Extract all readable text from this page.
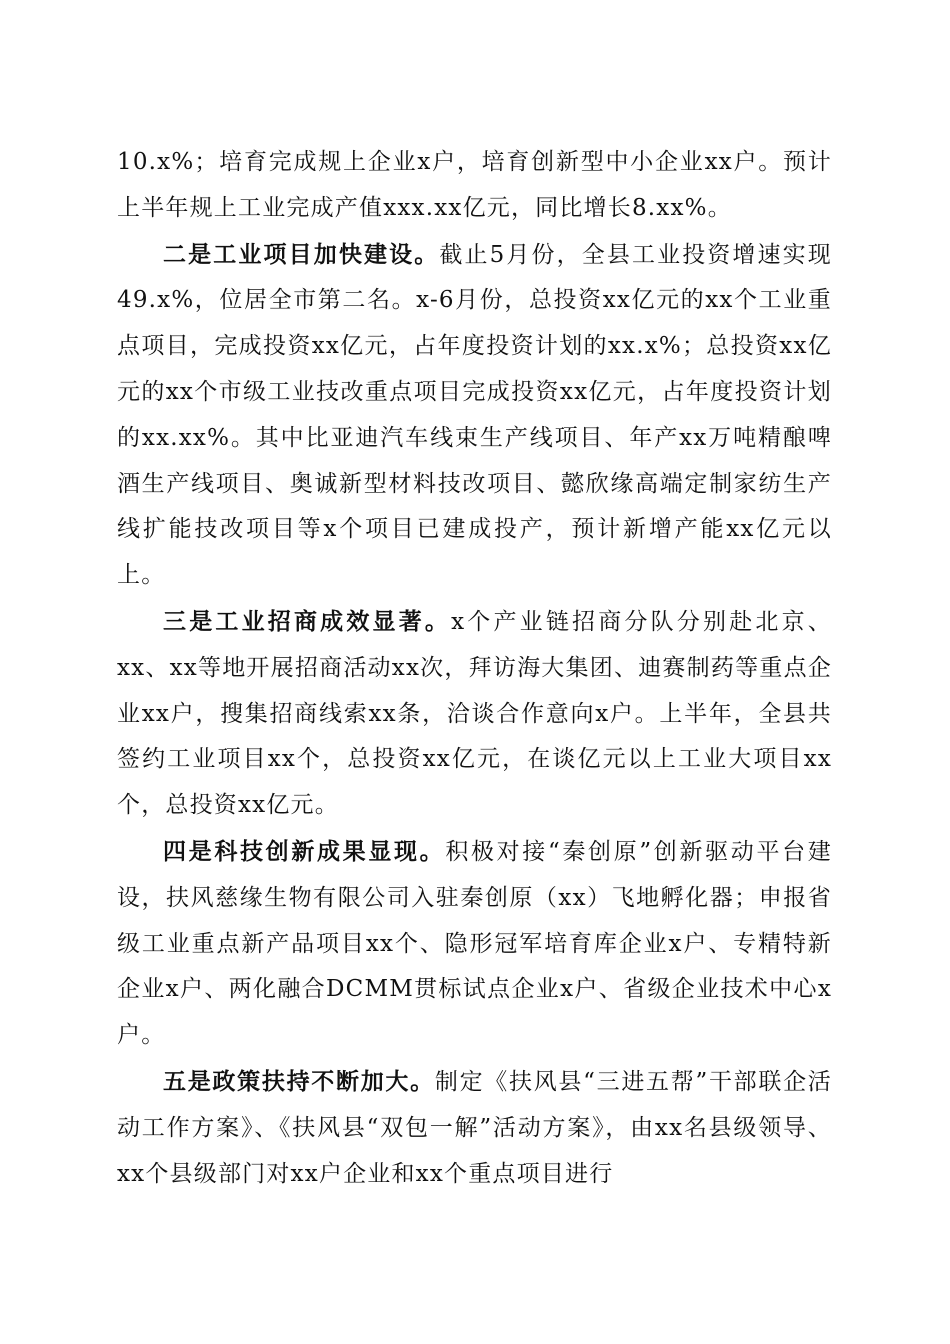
10.x%；培育完成规上企业x户，培育创新型中小企业xx户。预计上半年规上工业完成产值xxx.xx亿元，同比增长8.xx%。

二是工业项目加快建设。截止5月份，全县工业投资增速实现49.x%，位居全市第二名。x-6月份，总投资xx亿元的xx个工业重点项目，完成投资xx亿元，占年度投资计划的xx.x%；总投资xx亿元的xx个市级工业技改重点项目完成投资xx亿元，占年度投资计划的xx.xx%。其中比亚迪汽车线束生产线项目、年产xx万吨精酿啤酒生产线项目、奥诚新型材料技改项目、懿欣缘高端定制家纺生产线扩能技改项目等x个项目已建成投产，预计新增产能xx亿元以上。

三是工业招商成效显著。x个产业链招商分队分别赴北京、xx、xx等地开展招商活动xx次，拜访海大集团、迪赛制药等重点企业xx户，搜集招商线索xx条，洽谈合作意向x户。上半年，全县共签约工业项目xx个，总投资xx亿元，在谈亿元以上工业大项目xx个，总投资xx亿元。

四是科技创新成果显现。积极对接“秦创原”创新驱动平台建设，扶风慈缘生物有限公司入驻秦创原（xx）飞地孵化器；申报省级工业重点新产品项目xx个、隐形冠军培育库企业x户、专精特新企业x户、两化融合DCMM贯标试点企业x户、省级企业技术中心x户。

五是政策扶持不断加大。制定《扶风县“三进五帮”干部联企活动工作方案》、《扶风县“双包一解”活动方案》，由xx名县级领导、xx个县级部门对xx户企业和xx个重点项目进行
